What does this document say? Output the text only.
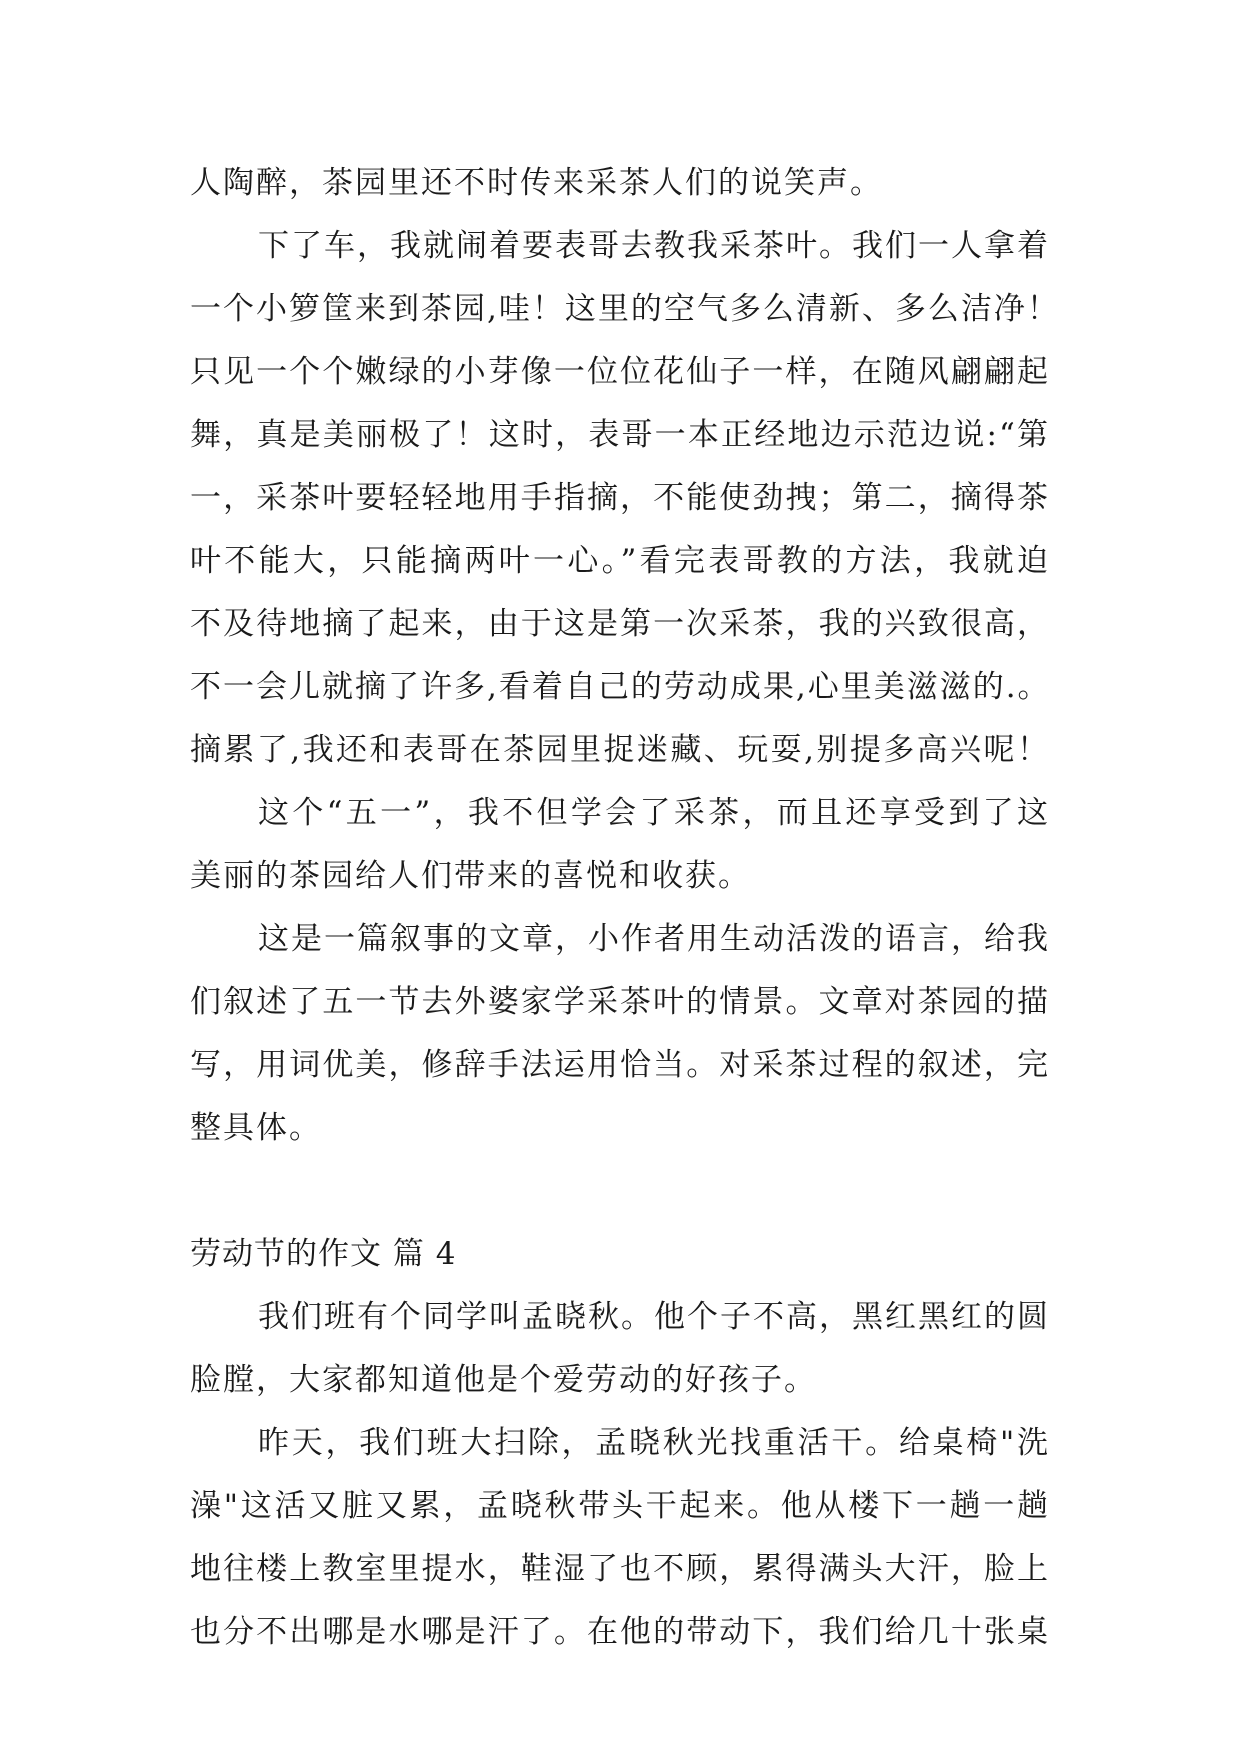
人陶醉，茶园里还不时传来采茶人们的说笑声。
下了车，我就闹着要表哥去教我采茶叶。我们一人拿着
一个小箩筐来到茶园,哇！这里的空气多么清新、多么洁净！
只见一个个嫩绿的小芽像一位位花仙子一样，在随风翩翩起
舞，真是美丽极了！这时，表哥一本正经地边示范边说:“第
一，采茶叶要轻轻地用手指摘，不能使劲拽；第二，摘得茶
叶不能大，只能摘两叶一心。”看完表哥教的方法，我就迫
不及待地摘了起来，由于这是第一次采茶，我的兴致很高，
不一会儿就摘了许多,看着自己的劳动成果,心里美滋滋的.。
摘累了,我还和表哥在茶园里捉迷藏、玩耍,别提多高兴呢！
这个“五一”，我不但学会了采茶，而且还享受到了这
美丽的茶园给人们带来的喜悦和收获。
这是一篇叙事的文章，小作者用生动活泼的语言，给我
们叙述了五一节去外婆家学采茶叶的情景。文章对茶园的描
写，用词优美，修辞手法运用恰当。对采茶过程的叙述，完
整具体。
劳动节的作文 篇 4
我们班有个同学叫孟晓秋。他个子不高，黑红黑红的圆
脸膛，大家都知道他是个爱劳动的好孩子。
昨天，我们班大扫除，孟晓秋光找重活干。给桌椅"洗
澡"这活又脏又累，孟晓秋带头干起来。他从楼下一趟一趟
地往楼上教室里提水，鞋湿了也不顾，累得满头大汗，脸上
也分不出哪是水哪是汗了。在他的带动下，我们给几十张桌
